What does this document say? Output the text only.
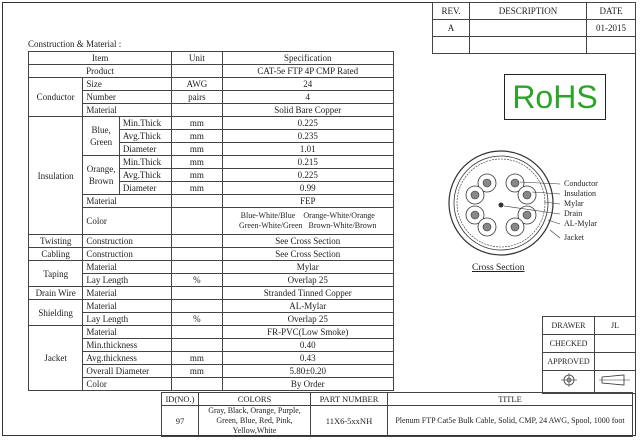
REV.	DESCRIPTION	DATE
A		01-2015

Construction & Material :
Item			Unit	Specification
Product				CAT-5e FTP 4P CMP Rated
Conductor	Size		AWG	24
	Number		pairs	4
	Material			Solid Bare Copper
Insulation	Blue, Green	Min.Thick	mm	0.225
		Avg.Thick	mm	0.235
		Diameter	mm	1.01
	Orange, Brown	Min.Thick	mm	0.215
		Avg.Thick	mm	0.225
		Diameter	mm	0.99
	Material			FEP
	Color			Blue-White/Blue Orange-White/Orange
Green-White/Green Brown-White/Brown
Twisting	Construction			See Cross Section
Cabling	Construction			See Cross Section
Taping	Material			Mylar
	Lay Length		%	Overlap 25
Drain Wire	Material			Stranded Tinned Copper
Shielding	Material			AL-Mylar
	Lay Length		%	Overlap 25
Jacket	Material			FR-PVC(Low Smoke)
	Min.thickness			0.40
	Avg.thickness		mm	0.43
	Overall Diameter		mm	5.80±0.20
	Color			By Order
RoHS
Conductor
Insulation
Mylar
Drain
AL-Mylar
Jacket
Cross Section
DRAWER	JL
CHECKED	
APPROVED	

ID(NO.)	COLORS	PART NUMBER	TITLE
97	Gray, Black, Orange, Purple, Green, Blue, Red, Pink, Yellow,White	11X6-5xxNH	Plenum FTP Cat5e Bulk Cable, Solid, CMP, 24 AWG, Spool, 1000 foot
